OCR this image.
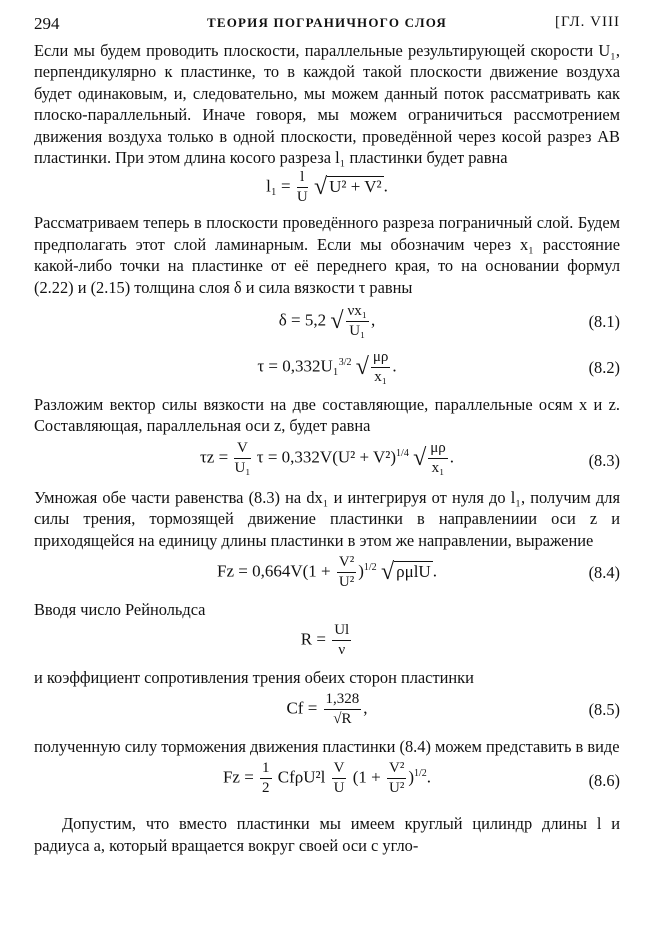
294	ТЕОРИЯ ПОГРАНИЧНОГО СЛОЯ	[ГЛ. VIII

Если мы будем проводить плоскости, параллельные результирующей скорости U₁, перпендикулярно к пластинке, то в каждой такой плоскости движение воздуха будет одинаковым, и, следовательно, мы можем данный поток рассматривать как плоско-параллельный. Иначе говоря, мы можем ограничиться рассмотрением движения воздуха только в одной плоскости, проведённой через косой разрез AB пластинки. При этом длина косого разреза l₁ пластинки будет равна

$l_1 = \frac{l}{U}$ √ U² + V² .

Рассматриваем теперь в плоскости проведённого разреза пограничный слой. Будем предполагать этот слой ламинарным. Если мы обозначим через x₁ расстояние какой-либо точки на пластинке от её переднего края, то на основании формул (2.22) и (2.15) толщина слоя δ и сила вязкости τ равны

δ = 5,2 √ $\frac{\text{νx₁}}{\text{U₁}}$ ,	(8.1)
τ = 0,332U₁$^{3/2}$ √ $\frac{\mu\rho}{\text{x₁}}$ .	(8.2)

Разложим вектор силы вязкости на две составляющие, параллельные осям x и z. Составляющая, параллельная оси z, будет равна

$\tau z = \frac{V}{\text{U₁}}$ $\tau = 0,332V(U^2 + V^2)^{1/4}$ √ $\frac{\mu\rho}{\text{x₁}}$ .	(8.3)

Умножая обе части равенства (8.3) на dx₁ и интегрируя от нуля до l₁, получим для силы трения, тормозящей движение пластинки в направлениии оси z и приходящейся на единицу длины пластинки в этом же направлении, выражение

$Fz = 0,664V(1 + \frac{\text{V²}}{\text{U²}} )^{1/2}$ √ ρμlU .	(8.4)

Вводя число Рейнольдса

$R = \frac{Ul}{\nu}$

и коэффициент сопротивления трения обеих сторон пластинки

$Cf = \frac{1,328}{√R}$ ,	(8.5)

полученную силу торможения движения пластинки (8.4) можем представить в виде

$Fz = \frac{1}{2} Cf\rho U^2l \frac{V}{U} (1 + \frac{\text{V²}}{\text{U²}} )^{1/2}$.	(8.6)

Допустим, что вместо пластинки мы имеем круглый цилиндр длины l и радиуса a, который вращается вокруг своей оси с угло-
